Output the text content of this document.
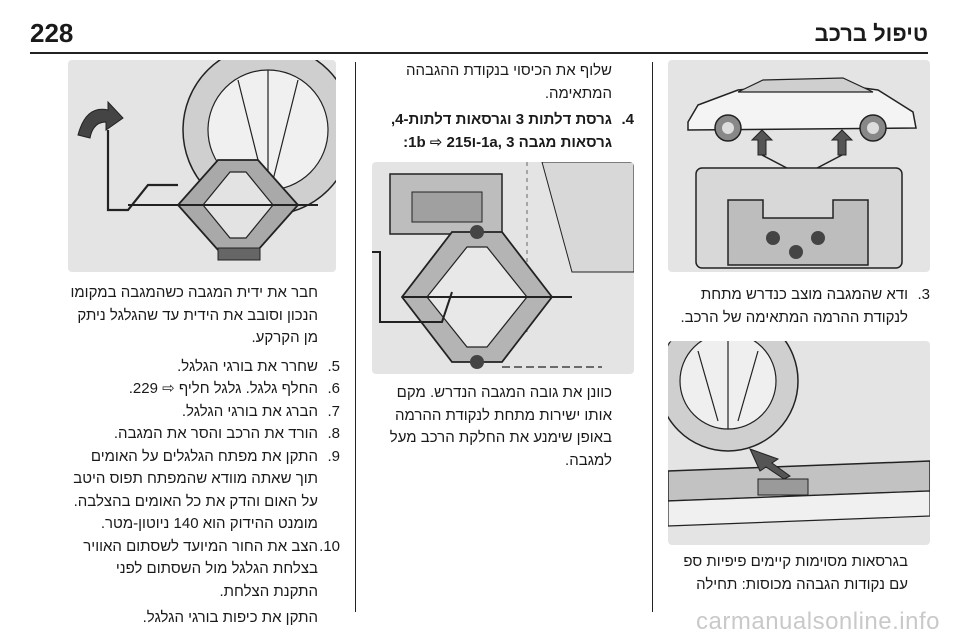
228	טיפול ברכב

3.
ודא שהמגבה מוצב כנדרש מתחת לנקודת ההרמה המתאימה של הרכב.

בגרסאות מסוימות קיימים פיפיות ספ עם נקודות הגבהה מכוסות: תחילה

שלוף את הכיסוי בנקודת ההגבהה המתאימה.

4.
גרסת דלתות 3 וגרסאות דלתות-4, גרסאות מגבה 1a, 3-ו1b ⇨ 215:

כוונן את גובה המגבה הנדרש. מקם אותו ישירות מתחת לנקודת ההרמה באופן שימנע את החלקת הרכב מעל למגבה.

חבר את ידית המגבה כשהמגבה במקומו הנכון וסובב את הידית עד שהגלגל ניתק מן הקרקע.

5.
שחרר את בורגי הגלגל.

6.
החלף גלגל. גלגל חליף ⇨ 229.

7.
הברג את בורגי הגלגל.

8.
הורד את הרכב והסר את המגבה.

9.
התקן את מפתח הגלגלים על האומים תוך שאתה מוודא שהמפתח תפוס היטב על האום והדק את כל האומים בהצלבה. מומנט ההידוק הוא 140 ניוטון-מטר.

10.
הצב את החור המיועד לשסתום האוויר בצלחת הגלגל מול השסתום לפני התקנת הצלחת.

התקן את כיפות בורגי הגלגל.	carmanualsonline.info
